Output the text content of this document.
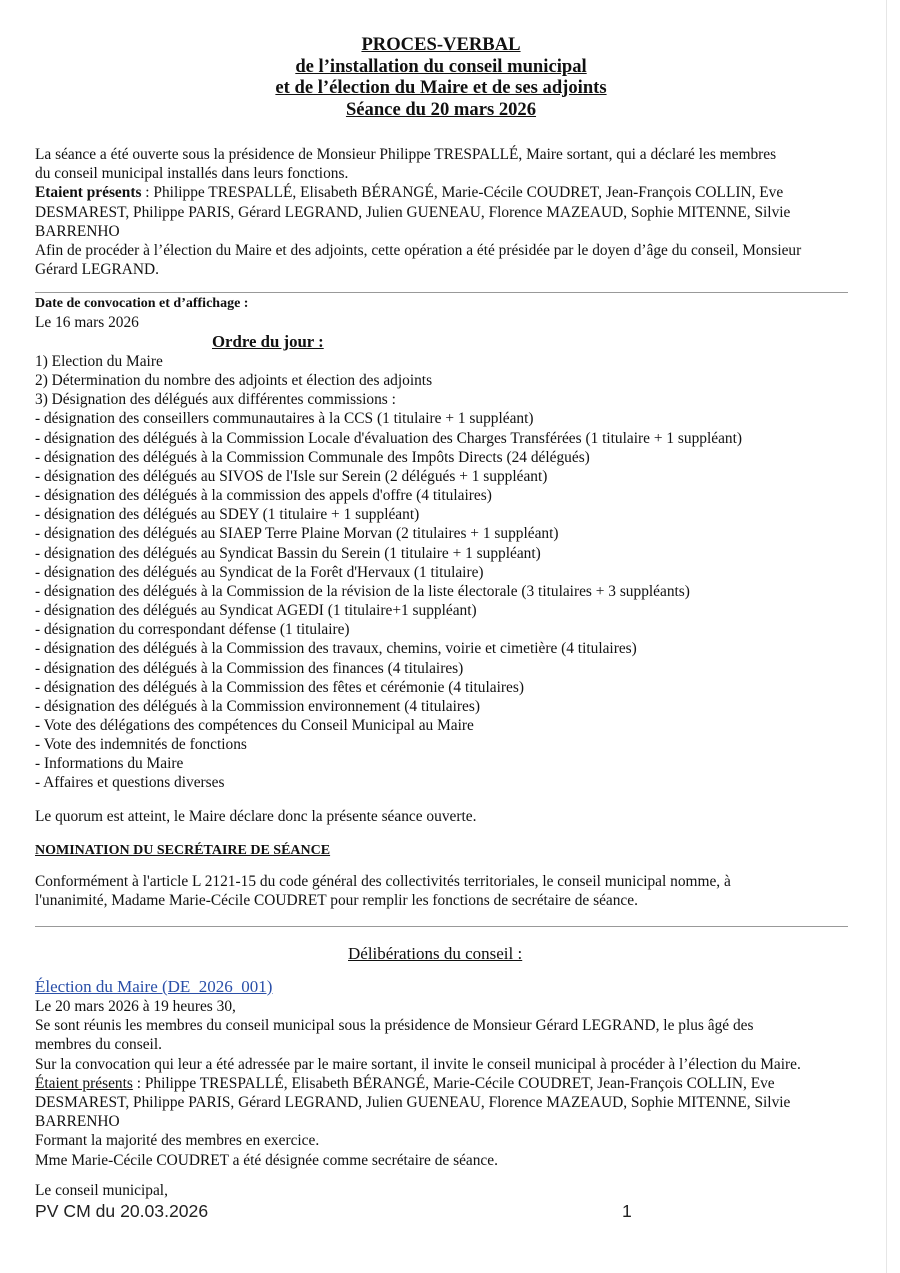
PROCES-VERBAL
de l’installation du conseil municipal
et de l’élection du Maire et de ses adjoints
Séance du 20 mars 2026
La séance a été ouverte sous la présidence de Monsieur Philippe TRESPALLÉ, Maire sortant, qui a déclaré les membres
du conseil municipal installés dans leurs fonctions.
Etaient présents : Philippe TRESPALLÉ, Elisabeth BÉRANGÉ, Marie-Cécile COUDRET, Jean-François COLLIN, Eve
DESMAREST, Philippe PARIS, Gérard LEGRAND, Julien GUENEAU, Florence MAZEAUD, Sophie MITENNE, Silvie
BARRENHO
Afin de procéder à l’élection du Maire et des adjoints, cette opération a été présidée par le doyen d’âge du conseil, Monsieur
Gérard LEGRAND.
Date de convocation et d’affichage :
Le 16 mars 2026
Ordre du jour :
1) Election du Maire
2) Détermination du nombre des adjoints et élection des adjoints
3) Désignation des délégués aux différentes commissions :
- désignation des conseillers communautaires à la CCS (1 titulaire + 1 suppléant)
- désignation des délégués à la Commission Locale d'évaluation des Charges Transférées (1 titulaire + 1 suppléant)
- désignation des délégués à la Commission Communale des Impôts Directs (24 délégués)
- désignation des délégués au SIVOS de l'Isle sur Serein (2 délégués + 1 suppléant)
- désignation des délégués à la commission des appels d'offre (4 titulaires)
- désignation des délégués au SDEY (1 titulaire + 1 suppléant)
- désignation des délégués au SIAEP Terre Plaine Morvan (2 titulaires + 1 suppléant)
- désignation des délégués au Syndicat Bassin du Serein (1 titulaire + 1 suppléant)
- désignation des délégués au Syndicat de la Forêt d'Hervaux (1 titulaire)
- désignation des délégués à la Commission de la révision de la liste électorale (3 titulaires + 3 suppléants)
- désignation des délégués au Syndicat AGEDI (1 titulaire+1 suppléant)
- désignation du correspondant défense (1 titulaire)
- désignation des délégués à la Commission des travaux, chemins, voirie et cimetière (4 titulaires)
- désignation des délégués à la Commission des finances (4 titulaires)
- désignation des délégués à la Commission des fêtes et cérémonie (4 titulaires)
- désignation des délégués à la Commission environnement (4 titulaires)
- Vote des délégations des compétences du Conseil Municipal au Maire
- Vote des indemnités de fonctions
- Informations du Maire
- Affaires et questions diverses
Le quorum est atteint, le Maire déclare donc la présente séance ouverte.
NOMINATION DU SECRÉTAIRE DE SÉANCE
Conformément à l'article L 2121-15 du code général des collectivités territoriales, le conseil municipal nomme, à
l'unanimité, Madame Marie-Cécile COUDRET pour remplir les fonctions de secrétaire de séance.
Délibérations du conseil :
Élection du Maire (DE_2026_001)
Le 20 mars 2026 à 19 heures 30,
Se sont réunis les membres du conseil municipal sous la présidence de Monsieur Gérard LEGRAND, le plus âgé des
membres du conseil.
Sur la convocation qui leur a été adressée par le maire sortant, il invite le conseil municipal à procéder à l’élection du Maire.
Étaient présents : Philippe TRESPALLÉ, Elisabeth BÉRANGÉ, Marie-Cécile COUDRET, Jean-François COLLIN, Eve
DESMAREST, Philippe PARIS, Gérard LEGRAND, Julien GUENEAU, Florence MAZEAUD, Sophie MITENNE, Silvie
BARRENHO
Formant la majorité des membres en exercice.
Mme Marie-Cécile COUDRET a été désignée comme secrétaire de séance.
Le conseil municipal,
PV CM du 20.03.2026	1
